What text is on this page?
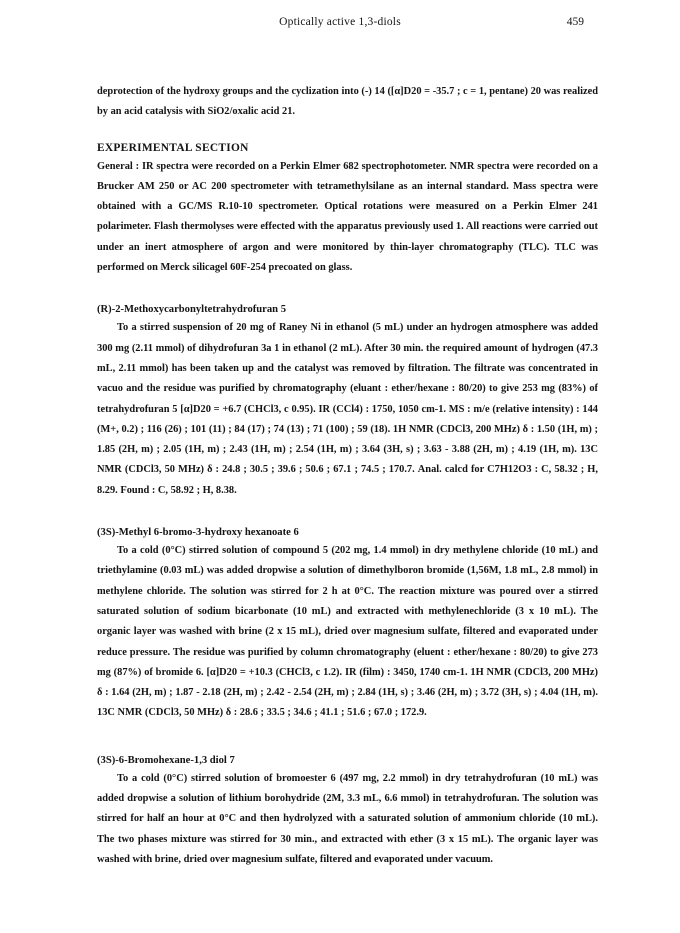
Optically active 1,3-diols	459

deprotection of the hydroxy groups and the cyclization into (-) 14 ([α]D20 = -35.7 ; c = 1, pentane) 20 was realized by an acid catalysis with SiO2/oxalic acid 21.

EXPERIMENTAL SECTION

General : IR spectra were recorded on a Perkin Elmer 682 spectrophotometer. NMR spectra were recorded on a Brucker AM 250 or AC 200 spectrometer with tetramethylsilane as an internal standard. Mass spectra were obtained with a GC/MS R.10-10 spectrometer. Optical rotations were measured on a Perkin Elmer 241 polarimeter. Flash thermolyses were effected with the apparatus previously used 1. All reactions were carried out under an inert atmosphere of argon and were monitored by thin-layer chromatography (TLC). TLC was performed on Merck silicagel 60F-254 precoated on glass.

(R)-2-Methoxycarbonyltetrahydrofuran 5

To a stirred suspension of 20 mg of Raney Ni in ethanol (5 mL) under an hydrogen atmosphere was added 300 mg (2.11 mmol) of dihydrofuran 3a 1 in ethanol (2 mL). After 30 min. the required amount of hydrogen (47.3 mL, 2.11 mmol) has been taken up and the catalyst was removed by filtration. The filtrate was concentrated in vacuo and the residue was purified by chromatography (eluant : ether/hexane : 80/20) to give 253 mg (83%) of tetrahydrofuran 5 [α]D20 = +6.7 (CHCl3, c 0.95). IR (CCl4) : 1750, 1050 cm-1. MS : m/e (relative intensity) : 144 (M+, 0.2) ; 116 (26) ; 101 (11) ; 84 (17) ; 74 (13) ; 71 (100) ; 59 (18). 1H NMR (CDCl3, 200 MHz) δ : 1.50 (1H, m) ; 1.85 (2H, m) ; 2.05 (1H, m) ; 2.43 (1H, m) ; 2.54 (1H, m) ; 3.64 (3H, s) ; 3.63 - 3.88 (2H, m) ; 4.19 (1H, m). 13C NMR (CDCl3, 50 MHz) δ : 24.8 ; 30.5 ; 39.6 ; 50.6 ; 67.1 ; 74.5 ; 170.7. Anal. calcd for C7H12O3 : C, 58.32 ; H, 8.29. Found : C, 58.92 ; H, 8.38.

(3S)-Methyl 6-bromo-3-hydroxy hexanoate 6

To a cold (0°C) stirred solution of compound 5 (202 mg, 1.4 mmol) in dry methylene chloride (10 mL) and triethylamine (0.03 mL) was added dropwise a solution of dimethylboron bromide (1,56M, 1.8 mL, 2.8 mmol) in methylene chloride. The solution was stirred for 2 h at 0°C. The reaction mixture was poured over a stirred saturated solution of sodium bicarbonate (10 mL) and extracted with methylenechloride (3 x 10 mL). The organic layer was washed with brine (2 x 15 mL), dried over magnesium sulfate, filtered and evaporated under reduce pressure. The residue was purified by column chromatography (eluent : ether/hexane : 80/20) to give 273 mg (87%) of bromide 6. [α]D20 = +10.3 (CHCl3, c 1.2). IR (film) : 3450, 1740 cm-1. 1H NMR (CDCl3, 200 MHz) δ : 1.64 (2H, m) ; 1.87 - 2.18 (2H, m) ; 2.42 - 2.54 (2H, m) ; 2.84 (1H, s) ; 3.46 (2H, m) ; 3.72 (3H, s) ; 4.04 (1H, m). 13C NMR (CDCl3, 50 MHz) δ : 28.6 ; 33.5 ; 34.6 ; 41.1 ; 51.6 ; 67.0 ; 172.9.

(3S)-6-Bromohexane-1,3 diol 7

To a cold (0°C) stirred solution of bromoester 6 (497 mg, 2.2 mmol) in dry tetrahydrofuran (10 mL) was added dropwise a solution of lithium borohydride (2M, 3.3 mL, 6.6 mmol) in tetrahydrofuran. The solution was stirred for half an hour at 0°C and then hydrolyzed with a saturated solution of ammonium chloride (10 mL). The two phases mixture was stirred for 30 min., and extracted with ether (3 x 15 mL). The organic layer was washed with brine, dried over magnesium sulfate, filtered and evaporated under vacuum.
